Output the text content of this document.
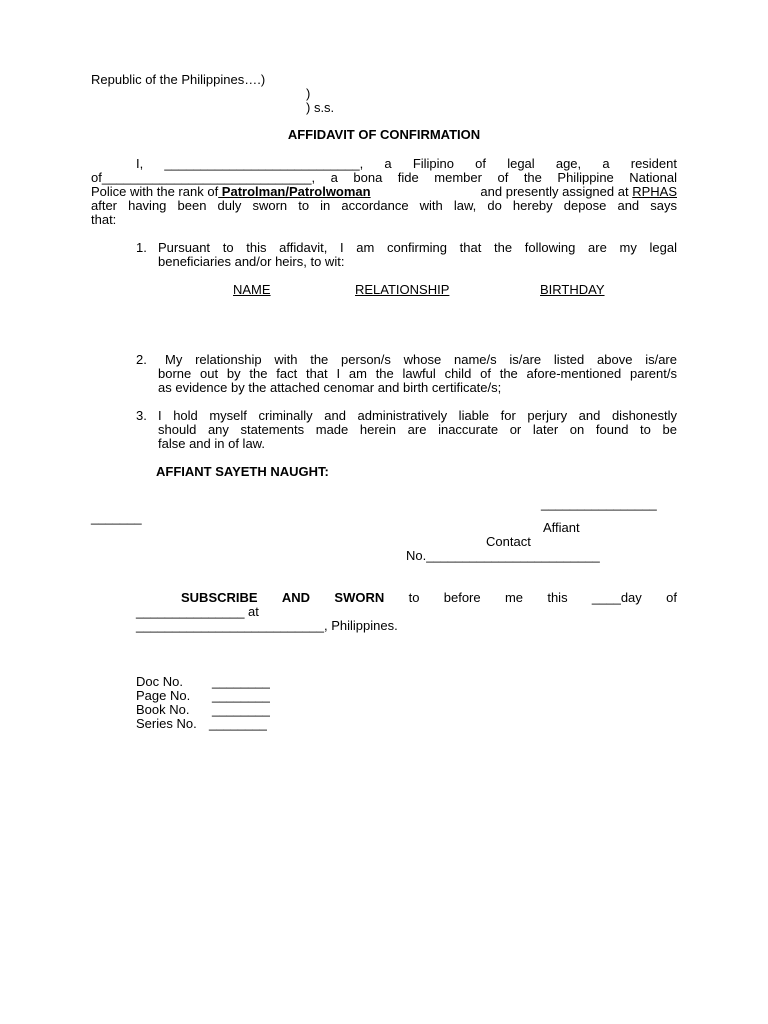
Republic of the Philippines….)
)
) s.s.
AFFIDAVIT OF CONFIRMATION
I, ___________________________, a Filipino of legal age, a resident
of_____________________________, a bona fide member of the Philippine National
Police with the rank of Patrolman/Patrolwoman	and presently assigned at RPHAS
after having been duly sworn to in accordance with law, do hereby depose and says
that:
1. Pursuant to this affidavit, I am confirming that the following are my legal
beneficiaries and/or heirs, to wit:
NAME	RELATIONSHIP	BIRTHDAY
2. My relationship with the person/s whose name/s is/are listed above is/are
borne out by the fact that I am the lawful child of the afore-mentioned parent/s
as evidence by the attached cenomar and birth certificate/s;
3. I hold myself criminally and administratively liable for perjury and dishonestly
should any statements made herein are inaccurate or later on found to be
false and in of law.
AFFIANT SAYETH NAUGHT:
________________
_______
Affiant
Contact
No.________________________
SUBSCRIBE AND SWORN to before me this ____day of
_______________ at
__________________________, Philippines.
Doc No. ________
Page No. ________
Book No. ________
Series No. ________
